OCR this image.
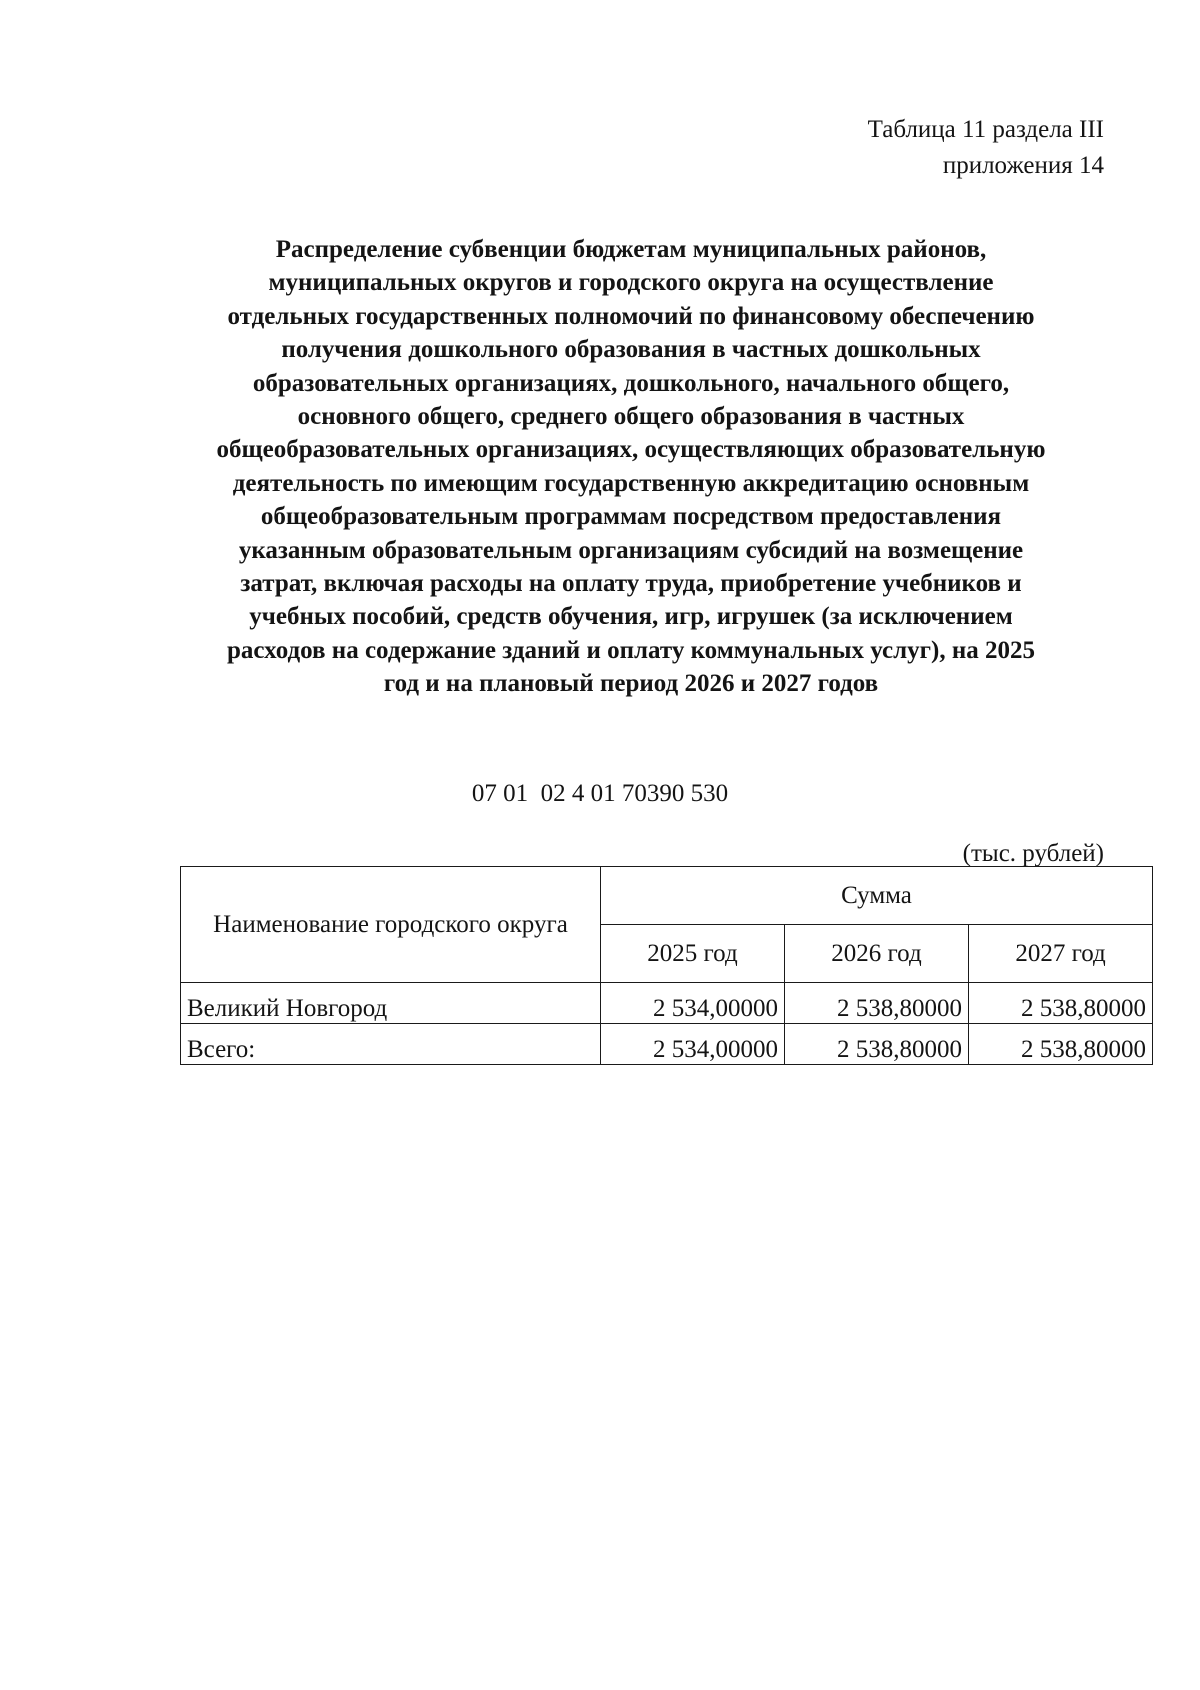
Таблица 11 раздела III
приложения 14
Распределение субвенции бюджетам муниципальных районов,
муниципальных округов и городского округа на осуществление
отдельных государственных полномочий по финансовому обеспечению
получения дошкольного образования в частных дошкольных
образовательных организациях, дошкольного, начального общего,
основного общего, среднего общего образования в частных
общеобразовательных организациях, осуществляющих образовательную
деятельность по имеющим государственную аккредитацию основным
общеобразовательным программам посредством предоставления
указанным образовательным организациям субсидий на возмещение
затрат, включая расходы на оплату труда, приобретение учебников и
учебных пособий, средств обучения, игр, игрушек (за исключением
расходов на содержание зданий и оплату коммунальных услуг), на 2025
год и на плановый период 2026 и 2027 годов
07 01  02 4 01 70390 530
(тыс. рублей)
Наименование городского округа	Сумма		
	2025 год	2026 год	2027 год
Великий Новгород	2 534,00000	2 538,80000	2 538,80000
Всего:	2 534,00000	2 538,80000	2 538,80000
